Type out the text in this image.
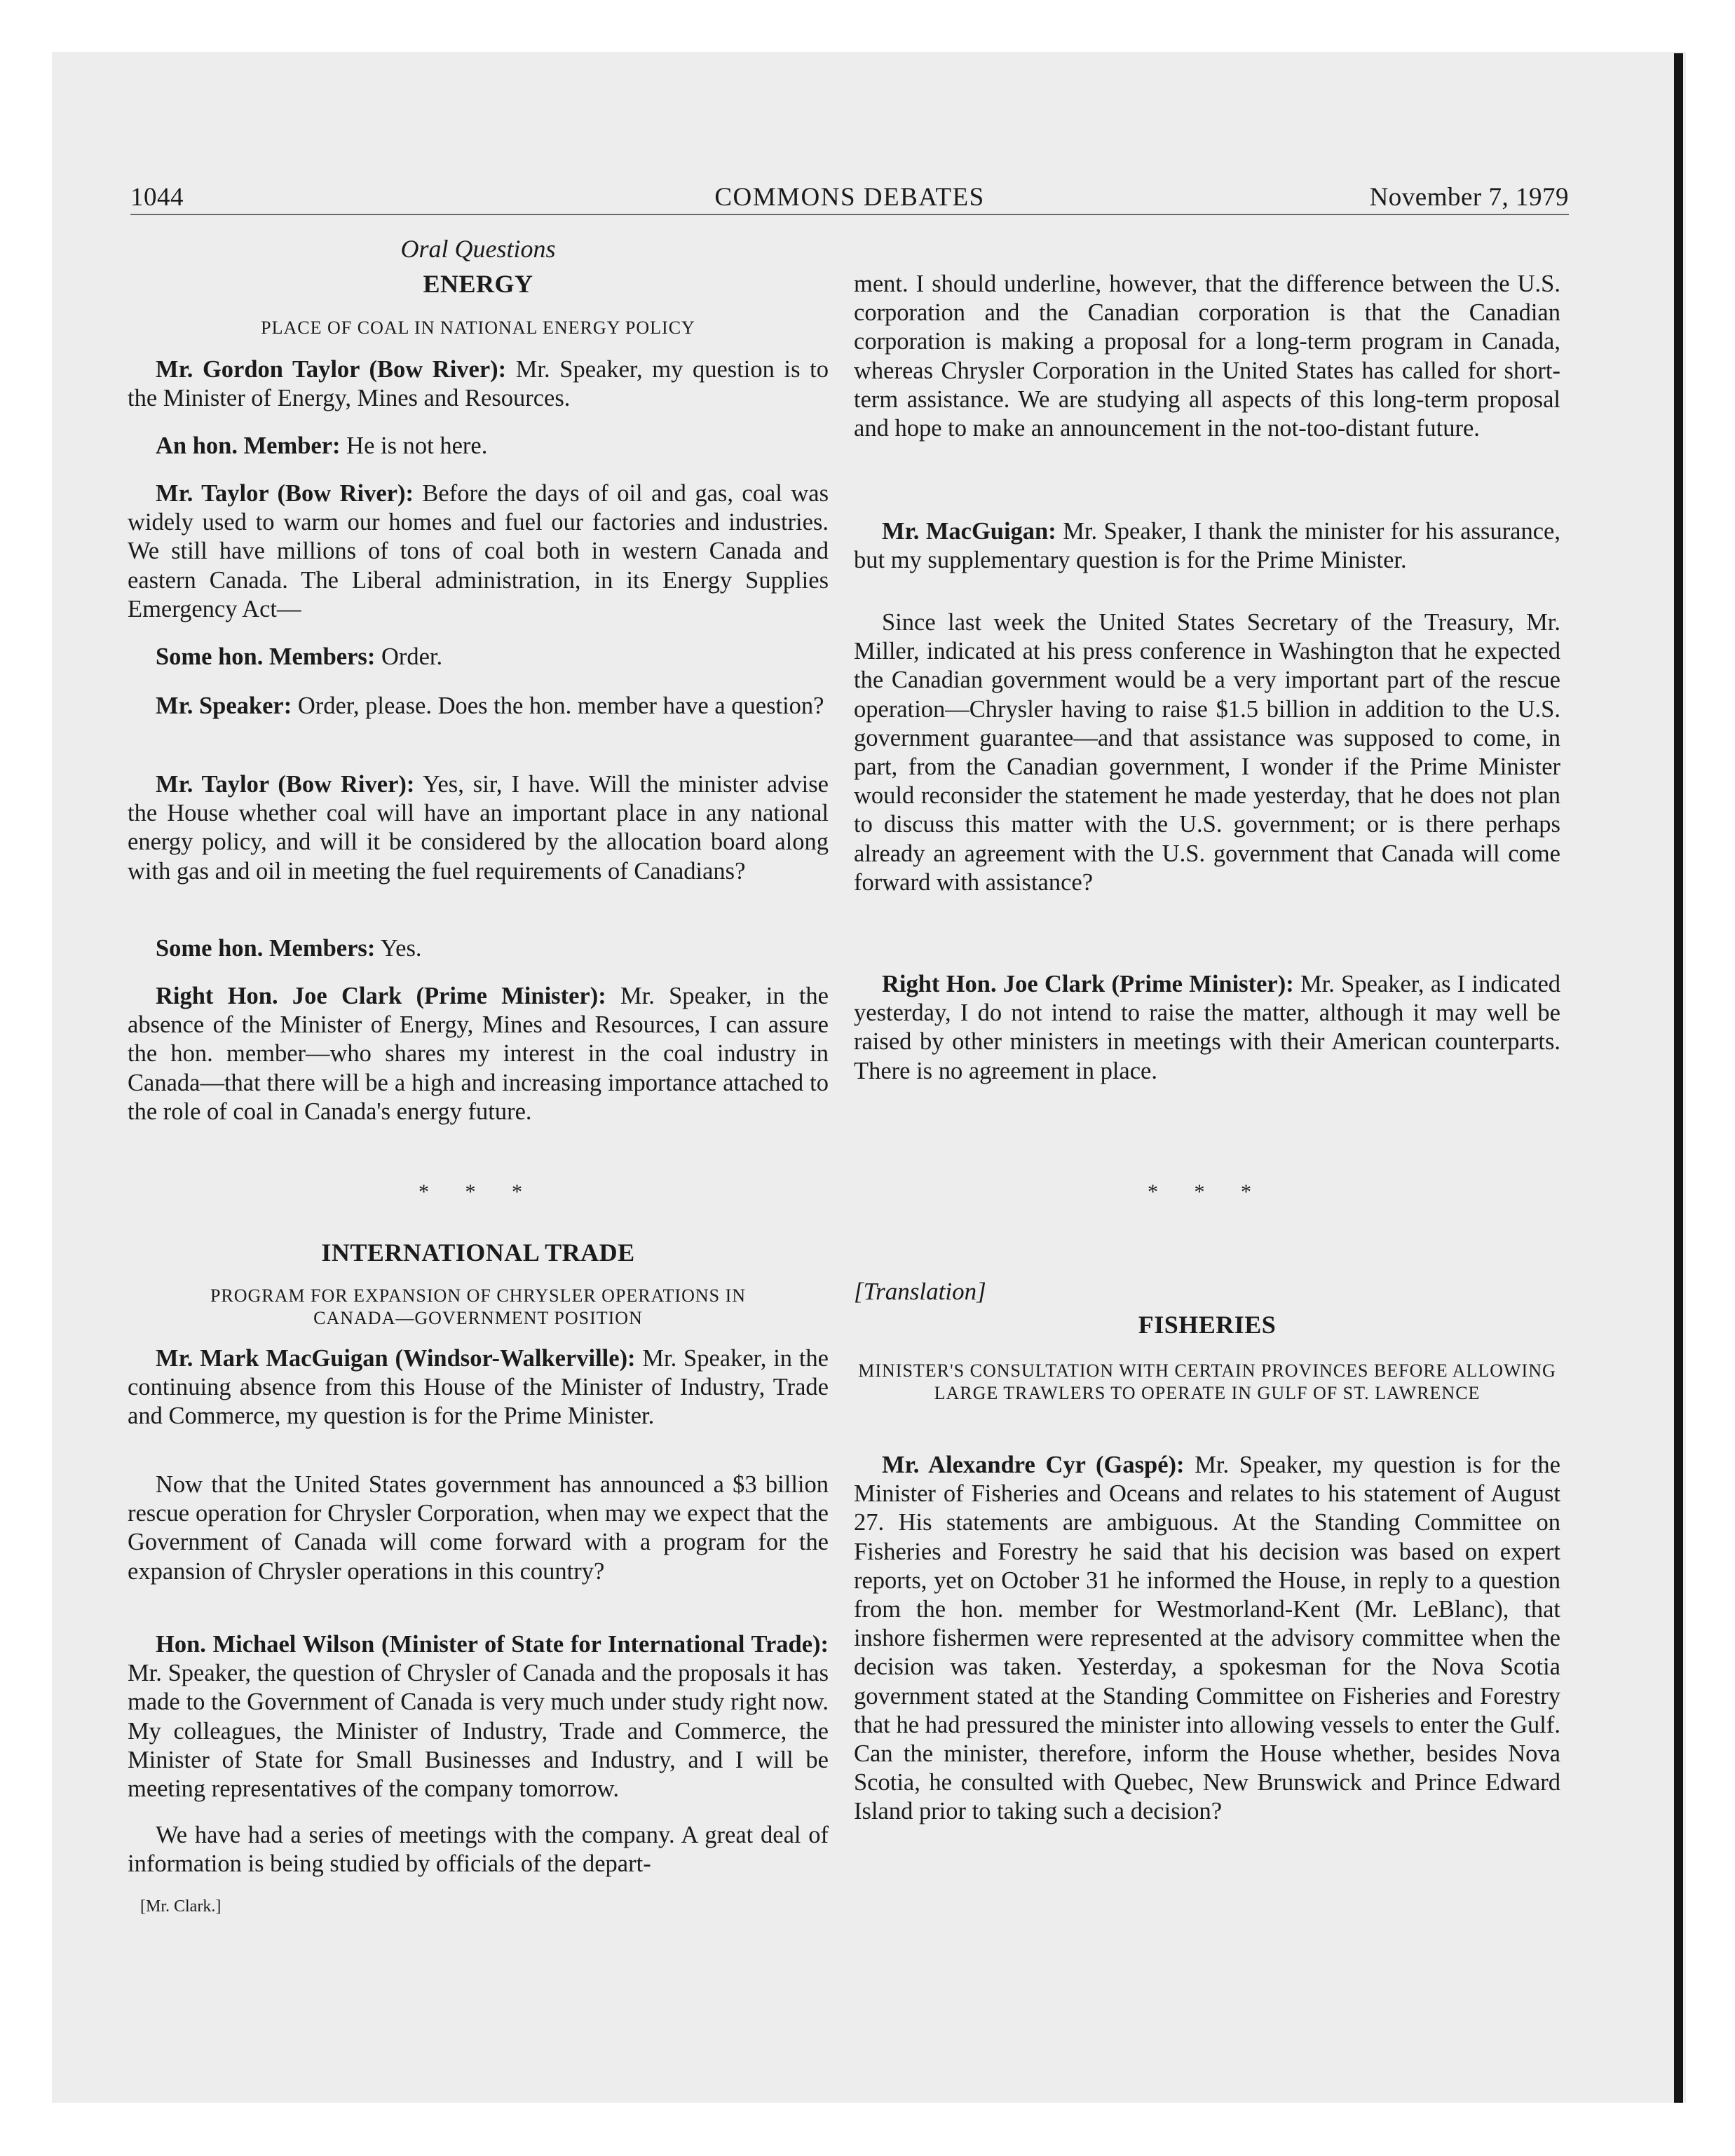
1044	COMMONS DEBATES	November 7, 1979
Oral Questions
ENERGY
PLACE OF COAL IN NATIONAL ENERGY POLICY

Mr. Gordon Taylor (Bow River): Mr. Speaker, my question is to the Minister of Energy, Mines and Resources.

An hon. Member: He is not here.

Mr. Taylor (Bow River): Before the days of oil and gas, coal was widely used to warm our homes and fuel our factories and industries. We still have millions of tons of coal both in western Canada and eastern Canada. The Liberal administration, in its Energy Supplies Emergency Act—

Some hon. Members: Order.

Mr. Speaker: Order, please. Does the hon. member have a question?

Mr. Taylor (Bow River): Yes, sir, I have. Will the minister advise the House whether coal will have an important place in any national energy policy, and will it be considered by the allocation board along with gas and oil in meeting the fuel requirements of Canadians?

Some hon. Members: Yes.

Right Hon. Joe Clark (Prime Minister): Mr. Speaker, in the absence of the Minister of Energy, Mines and Resources, I can assure the hon. member—who shares my interest in the coal industry in Canada—that there will be a high and increasing importance attached to the role of coal in Canada's energy future.

* * *
INTERNATIONAL TRADE
PROGRAM FOR EXPANSION OF CHRYSLER OPERATIONS IN CANADA—GOVERNMENT POSITION

Mr. Mark MacGuigan (Windsor-Walkerville): Mr. Speaker, in the continuing absence from this House of the Minister of Industry, Trade and Commerce, my question is for the Prime Minister.

Now that the United States government has announced a $3 billion rescue operation for Chrysler Corporation, when may we expect that the Government of Canada will come forward with a program for the expansion of Chrysler operations in this country?

Hon. Michael Wilson (Minister of State for International Trade): Mr. Speaker, the question of Chrysler of Canada and the proposals it has made to the Government of Canada is very much under study right now. My colleagues, the Minister of Industry, Trade and Commerce, the Minister of State for Small Businesses and Industry, and I will be meeting representatives of the company tomorrow.

We have had a series of meetings with the company. A great deal of information is being studied by officials of the depart-

[Mr. Clark.]

ment. I should underline, however, that the difference between the U.S. corporation and the Canadian corporation is that the Canadian corporation is making a proposal for a long-term program in Canada, whereas Chrysler Corporation in the United States has called for short-term assistance. We are studying all aspects of this long-term proposal and hope to make an announcement in the not-too-distant future.

Mr. MacGuigan: Mr. Speaker, I thank the minister for his assurance, but my supplementary question is for the Prime Minister.

Since last week the United States Secretary of the Treasury, Mr. Miller, indicated at his press conference in Washington that he expected the Canadian government would be a very important part of the rescue operation—Chrysler having to raise $1.5 billion in addition to the U.S. government guarantee—and that assistance was supposed to come, in part, from the Canadian government, I wonder if the Prime Minister would reconsider the statement he made yesterday, that he does not plan to discuss this matter with the U.S. government; or is there perhaps already an agreement with the U.S. government that Canada will come forward with assistance?

Right Hon. Joe Clark (Prime Minister): Mr. Speaker, as I indicated yesterday, I do not intend to raise the matter, although it may well be raised by other ministers in meetings with their American counterparts. There is no agreement in place.

* * *
[Translation]
FISHERIES
MINISTER'S CONSULTATION WITH CERTAIN PROVINCES BEFORE ALLOWING LARGE TRAWLERS TO OPERATE IN GULF OF ST. LAWRENCE

Mr. Alexandre Cyr (Gaspé): Mr. Speaker, my question is for the Minister of Fisheries and Oceans and relates to his statement of August 27. His statements are ambiguous. At the Standing Committee on Fisheries and Forestry he said that his decision was based on expert reports, yet on October 31 he informed the House, in reply to a question from the hon. member for Westmorland-Kent (Mr. LeBlanc), that inshore fishermen were represented at the advisory committee when the decision was taken. Yesterday, a spokesman for the Nova Scotia government stated at the Standing Committee on Fisheries and Forestry that he had pressured the minister into allowing vessels to enter the Gulf. Can the minister, therefore, inform the House whether, besides Nova Scotia, he consulted with Quebec, New Brunswick and Prince Edward Island prior to taking such a decision?
